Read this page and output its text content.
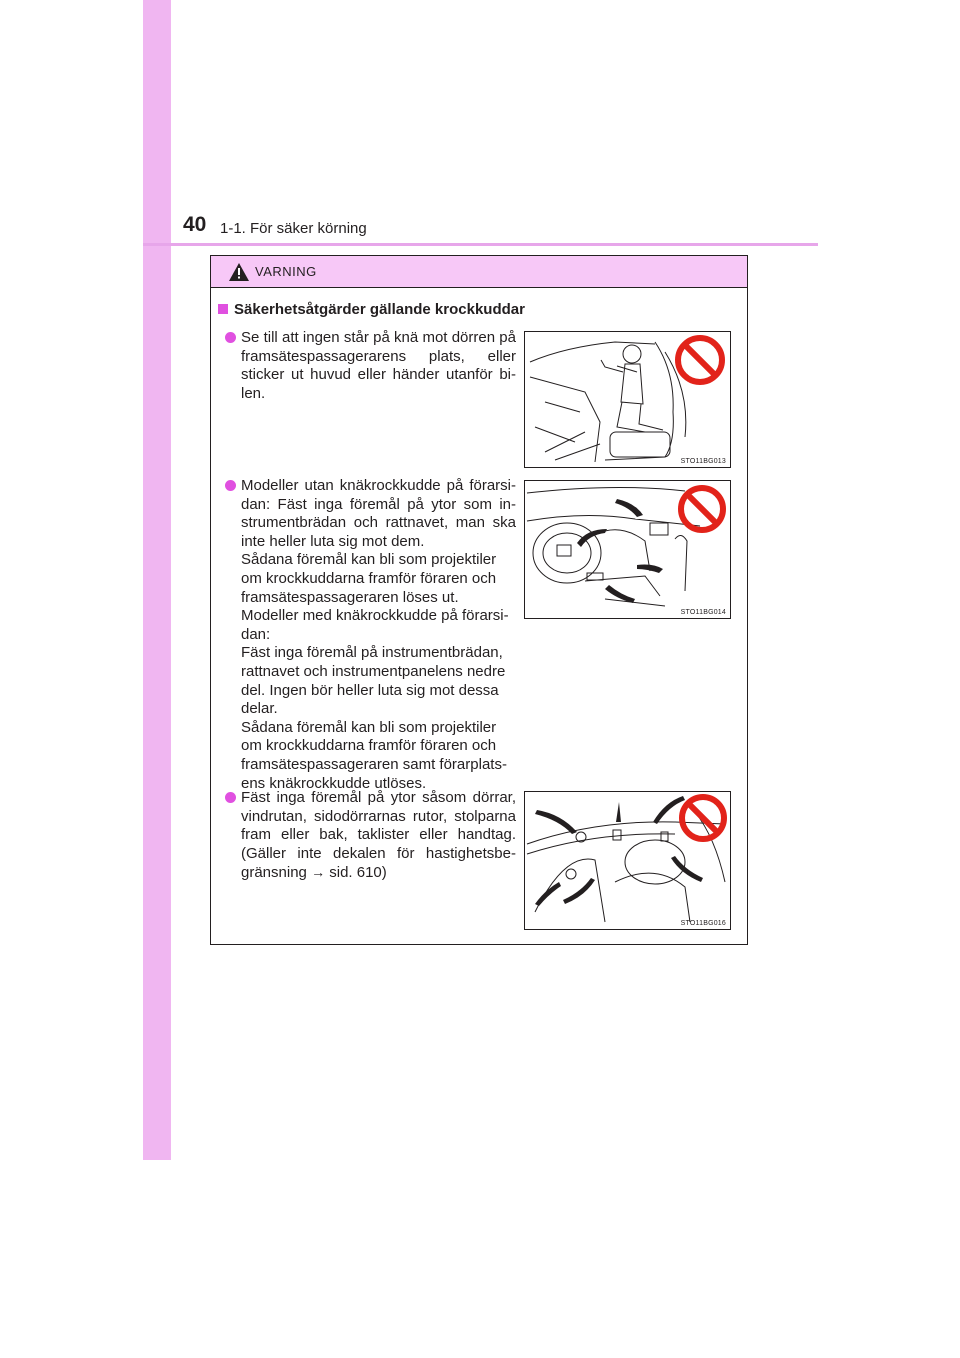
40 1-1. För säker körning
VARNING
Säkerhetsåtgärder gällande krockkuddar
Se till att ingen står på knä mot dörren på framsätespassagerarens plats, eller sticker ut huvud eller händer utanför bi-len.
STO11BG013
Modeller utan knäkrockkudde på förarsi-dan: Fäst inga föremål på ytor som in-strumentbrädan och rattnavet, man ska inte heller luta sig mot dem.
Sådana föremål kan bli som projektiler om krockkuddarna framför föraren och framsätespassageraren löses ut.
Modeller med knäkrockkudde på förarsi-dan:
Fäst inga föremål på instrumentbrädan, rattnavet och instrumentpanelens nedre del. Ingen bör heller luta sig mot dessa delar.
Sådana föremål kan bli som projektiler om krockkuddarna framför föraren och framsätespassageraren samt förarplats-ens knäkrockkudde utlöses.
STO11BG014
Fäst inga föremål på ytor såsom dörrar, vindrutan, sidodörrarnas rutor, stolparna fram eller bak, taklister eller handtag. (Gäller inte dekalen för hastighetsbe-gränsning → sid. 610)
STO11BG016
